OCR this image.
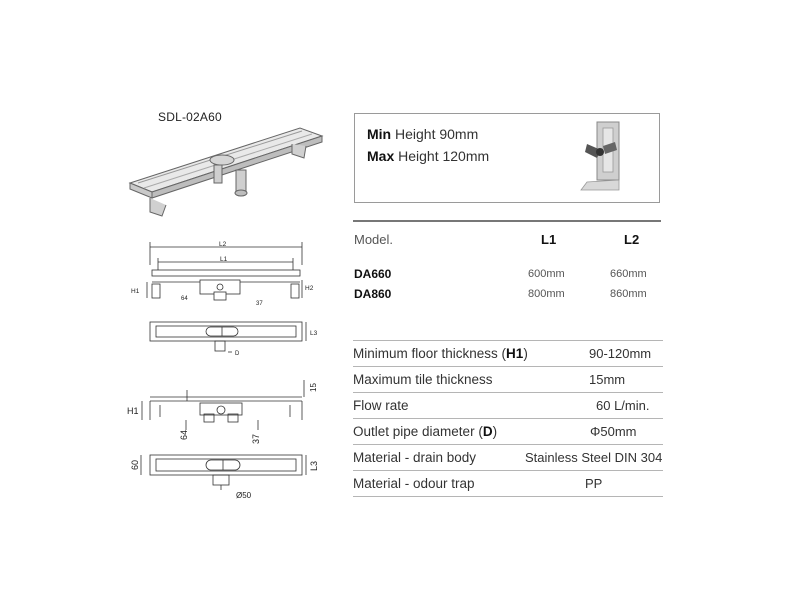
SDL-02A60
L2
L1
H1	H2
64
37
L3
D
H1
15
64	37
60	L3
Ø50
Min Height 90mm
Max Height 120mm
Model.	L1	L2
DA660	600mm	660mm
DA860	800mm	860mm
Minimum floor thickness (H1)	90-120mm
Maximum tile thickness	15mm
Flow rate	60 L/min.
Outlet pipe diameter (D)	Φ50mm
Material - drain body	Stainless Steel DIN 304
Material - odour trap	PP
